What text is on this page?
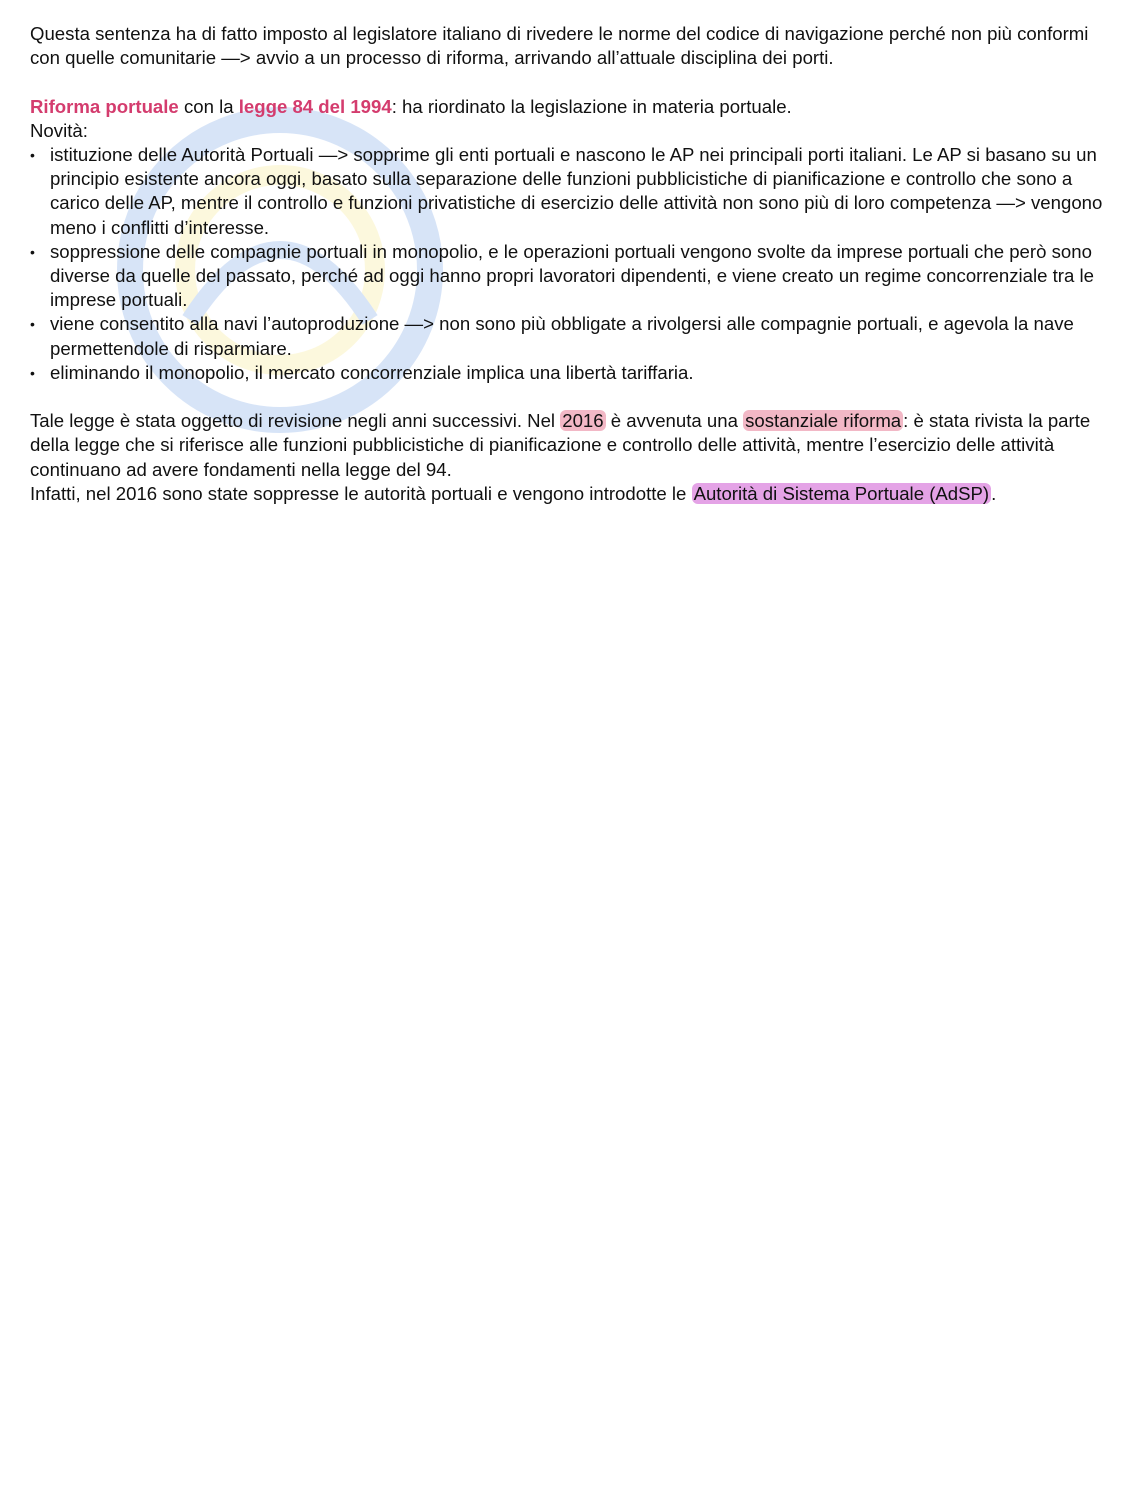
Questa sentenza ha di fatto imposto al legislatore italiano di rivedere le norme del codice di navigazione perché non più conformi con quelle comunitarie —> avvio a un processo di riforma, arrivando all’attuale disciplina dei porti.

Riforma portuale con la legge 84 del 1994: ha riordinato la legislazione in materia portuale.

Novità:

• istituzione delle Autorità Portuali —> sopprime gli enti portuali e nascono le AP nei principali porti italiani. Le AP si basano su un principio esistente ancora oggi, basato sulla separazione delle funzioni pubblicistiche di pianificazione e controllo che sono a carico delle AP, mentre il controllo e funzioni privatistiche di esercizio delle attività non sono più di loro competenza —> vengono meno i conflitti d’interesse.
• soppressione delle compagnie portuali in monopolio, e le operazioni portuali vengono svolte da imprese portuali che però sono diverse da quelle del passato, perché ad oggi hanno propri lavoratori dipendenti, e viene creato un regime concorrenziale tra le imprese portuali.
• viene consentito alla navi l’autoproduzione —> non sono più obbligate a rivolgersi alle compagnie portuali, e agevola la nave permettendole di risparmiare.
• eliminando il monopolio, il mercato concorrenziale implica una libertà tariffaria.

Tale legge è stata oggetto di revisione negli anni successivi. Nel 2016 è avvenuta una sostanziale riforma : è stata rivista la parte della legge che si riferisce alle funzioni pubblicistiche di pianificazione e controllo delle attività, mentre l’esercizio delle attività continuano ad avere fondamenti nella legge del 94.

Infatti, nel 2016 sono state soppresse le autorità portuali e vengono introdotte le Autorità di Sistema Portuale (AdSP) .
